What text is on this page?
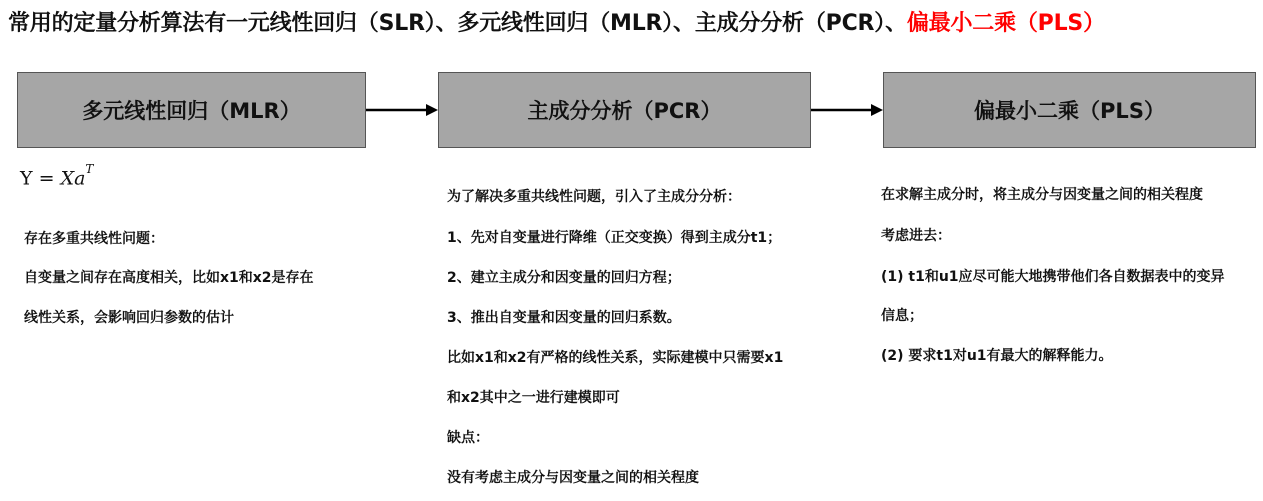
常用的定量分析算法有一元线性回归（SLR）、多元线性回归（MLR）、主成分分析（PCR）、偏最小二乘（PLS）
多元线性回归（MLR）	主成分分析（PCR）	偏最小二乘（PLS）
$Y = Xa^T$
存在多重共线性问题：
自变量之间存在高度相关，比如x1和x2是存在
线性关系，会影响回归参数的估计
为了解决多重共线性问题，引入了主成分分析：
1、先对自变量进行降维（正交变换）得到主成分t1；
2、建立主成分和因变量的回归方程；
3、推出自变量和因变量的回归系数。
比如x1和x2有严格的线性关系，实际建模中只需要x1
和x2其中之一进行建模即可
缺点：
没有考虑主成分与因变量之间的相关程度
在求解主成分时，将主成分与因变量之间的相关程度
考虑进去：
(1) t1和u1应尽可能大地携带他们各自数据表中的变异
信息；
(2) 要求t1对u1有最大的解释能力。
